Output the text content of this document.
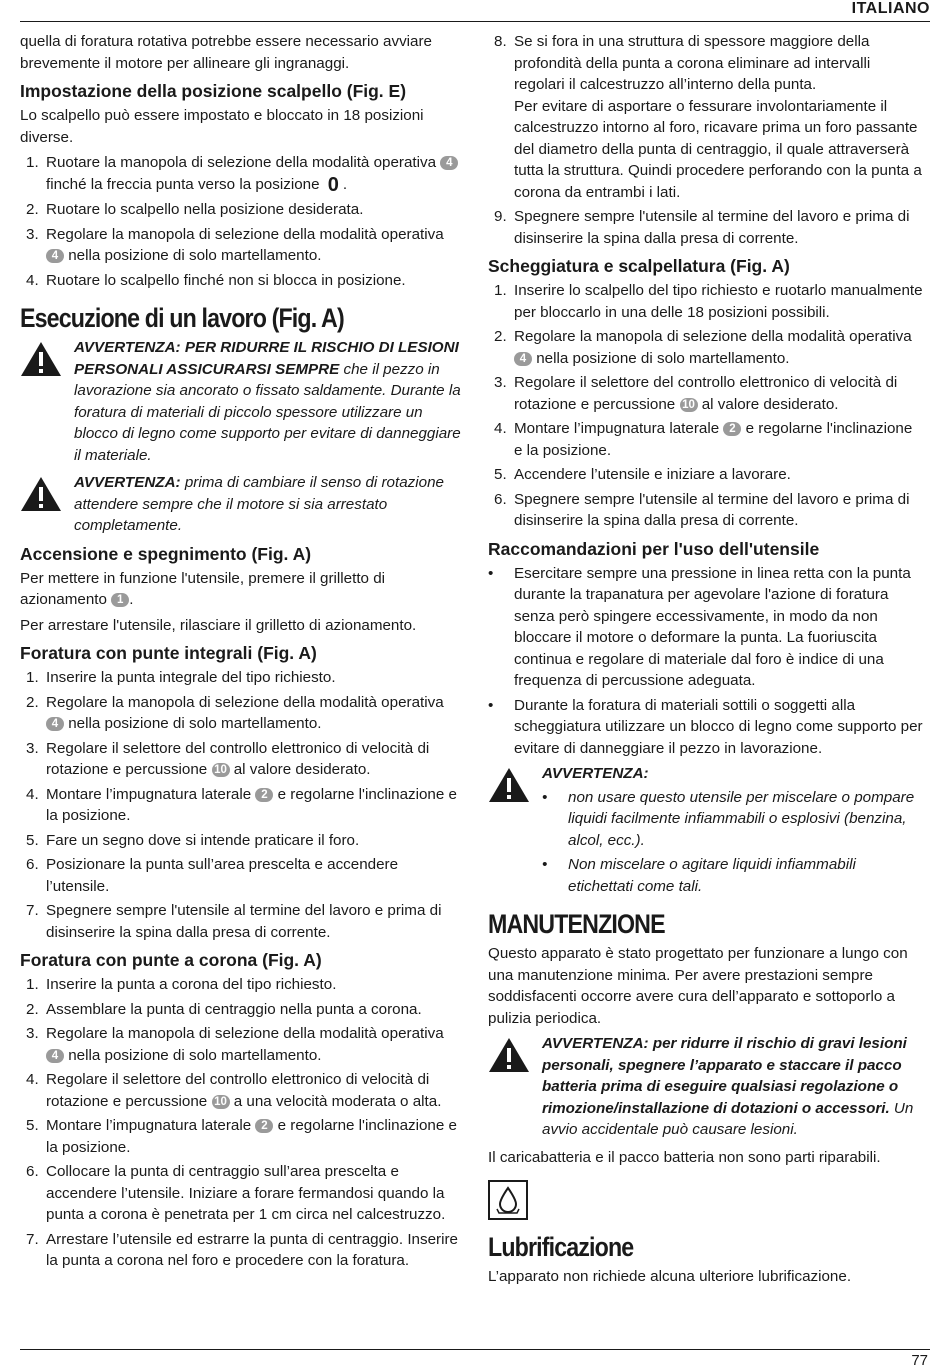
ITALIANO

quella di foratura rotativa potrebbe essere necessario avviare brevemente il motore per allineare gli ingranaggi.

Impostazione della posizione scalpello (Fig. E)

Lo scalpello può essere impostato e bloccato in 18 posizioni diverse.

1. Ruotare la manopola di selezione della modalità operativa 4 finché la freccia punta verso la posizione 0 .
2. Ruotare lo scalpello nella posizione desiderata.
3. Regolare la manopola di selezione della modalità operativa 4 nella posizione di solo martellamento.
4. Ruotare lo scalpello finché non si blocca in posizione.
Esecuzione di un lavoro (Fig. A)
AVVERTENZA: PER RIDURRE IL RISCHIO DI LESIONI PERSONALI ASSICURARSI SEMPRE che il pezzo in lavorazione sia ancorato o fissato saldamente. Durante la foratura di materiali di piccolo spessore utilizzare un blocco di legno come supporto per evitare di danneggiare il materiale.
AVVERTENZA: prima di cambiare il senso di rotazione attendere sempre che il motore si sia arrestato completamente.
Accensione e spegnimento (Fig. A)

Per mettere in funzione l'utensile, premere il grilletto di azionamento 1 .

Per arrestare l'utensile, rilasciare il grilletto di azionamento.

Foratura con punte integrali (Fig. A)
1. Inserire la punta integrale del tipo richiesto.
2. Regolare la manopola di selezione della modalità operativa 4 nella posizione di solo martellamento.
3. Regolare il selettore del controllo elettronico di velocità di rotazione e percussione 10 al valore desiderato.
4. Montare l’impugnatura laterale 2 e regolarne l'inclinazione e la posizione.
5. Fare un segno dove si intende praticare il foro.
6. Posizionare la punta sull’area prescelta e accendere l’utensile.
7. Spegnere sempre l'utensile al termine del lavoro e prima di disinserire la spina dalla presa di corrente.
Foratura con punte a corona (Fig. A)
1. Inserire la punta a corona del tipo richiesto.
2. Assemblare la punta di centraggio nella punta a corona.
3. Regolare la manopola di selezione della modalità operativa 4 nella posizione di solo martellamento.
4. Regolare il selettore del controllo elettronico di velocità di rotazione e percussione 10 a una velocità moderata o alta.
5. Montare l’impugnatura laterale 2 e regolarne l'inclinazione e la posizione.
6. Collocare la punta di centraggio sull’area prescelta e accendere l’utensile. Iniziare a forare fermandosi quando la punta a corona è penetrata per 1 cm circa nel calcestruzzo.
7. Arrestare l’utensile ed estrarre la punta di centraggio. Inserire la punta a corona nel foro e procedere con la foratura.
8. Se si fora in una struttura di spessore maggiore della profondità della punta a corona eliminare ad intervalli regolari il calcestruzzo all’interno della punta.
Per evitare di asportare o fessurare involontariamente il calcestruzzo intorno al foro, ricavare prima un foro passante del diametro della punta di centraggio, il quale attraverserà tutta la struttura. Quindi procedere perforando con la punta a corona da entrambi i lati.
9. Spegnere sempre l'utensile al termine del lavoro e prima di disinserire la spina dalla presa di corrente.
Scheggiatura e scalpellatura (Fig. A)
1. Inserire lo scalpello del tipo richiesto e ruotarlo manualmente per bloccarlo in una delle 18 posizioni possibili.
2. Regolare la manopola di selezione della modalità operativa 4 nella posizione di solo martellamento.
3. Regolare il selettore del controllo elettronico di velocità di rotazione e percussione 10 al valore desiderato.
4. Montare l’impugnatura laterale 2 e regolarne l'inclinazione e la posizione.
5. Accendere l’utensile e iniziare a lavorare.
6. Spegnere sempre l'utensile al termine del lavoro e prima di disinserire la spina dalla presa di corrente.
Raccomandazioni per l'uso dell'utensile
• Esercitare sempre una pressione in linea retta con la punta durante la trapanatura per agevolare l'azione di foratura senza però spingere eccessivamente, in modo da non bloccare il motore o deformare la punta. La fuoriuscita continua e regolare di materiale dal foro è indice di una frequenza di percussione adeguata.
• Durante la foratura di materiali sottili o soggetti alla scheggiatura utilizzare un blocco di legno come supporto per evitare di danneggiare il pezzo in lavorazione.
AVVERTENZA:
• non usare questo utensile per miscelare o pompare liquidi facilmente infiammabili o esplosivi (benzina, alcol, ecc.).
• Non miscelare o agitare liquidi infiammabili etichettati come tali.
MANUTENZIONE

Questo apparato è stato progettato per funzionare a lungo con una manutenzione minima. Per avere prestazioni sempre soddisfacenti occorre avere cura dell’apparato e sottoporlo a pulizia periodica.

AVVERTENZA: per ridurre il rischio di gravi lesioni personali, spegnere l’apparato e staccare il pacco batteria prima di eseguire qualsiasi regolazione o rimozione/installazione di dotazioni o accessori. Un avvio accidentale può causare lesioni.

Il caricabatteria e il pacco batteria non sono parti riparabili.

Lubrificazione

L’apparato non richiede alcuna ulteriore lubrificazione.

77
